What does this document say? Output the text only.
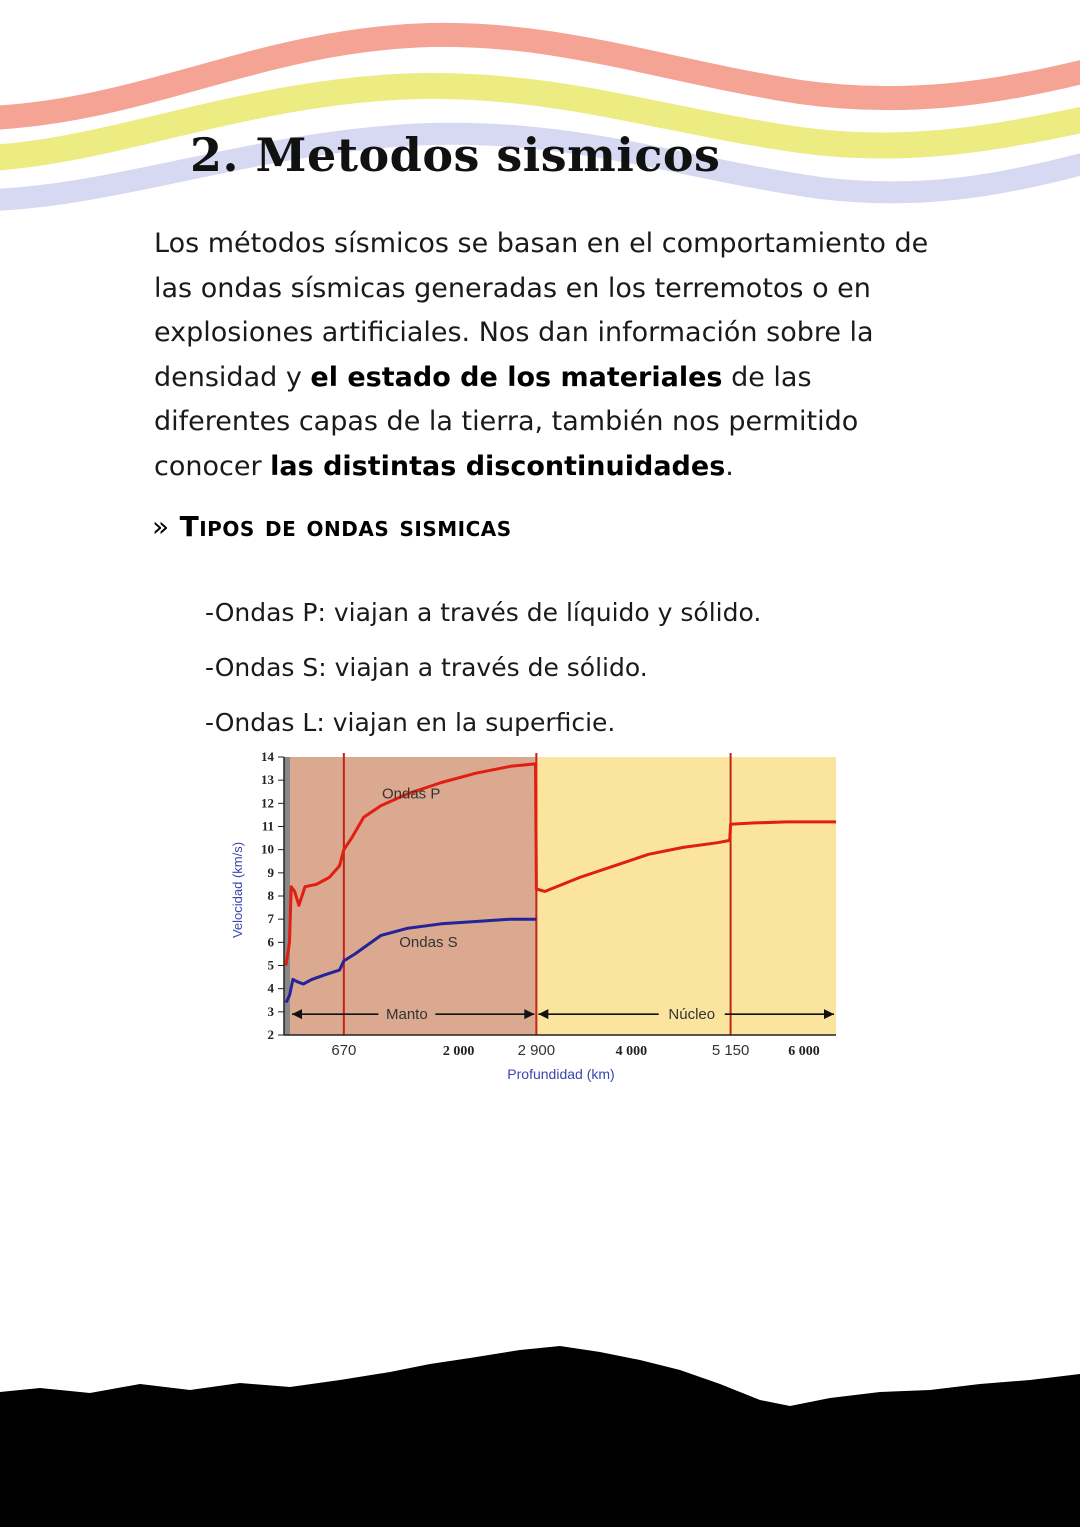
2. Metodos sismicos

Los métodos sísmicos se basan en el comportamiento de las ondas sísmicas generadas en los terremotos o en explosiones artificiales. Nos dan información sobre la densidad y el estado de los materiales de las diferentes capas de la tierra, también nos permitido conocer las distintas discontinuidades.

» Tipos de ondas sismicas
-Ondas P: viajan a través de líquido y sólido.
-Ondas S: viajan a través de sólido.
-Ondas L: viajan en la superficie.
2
3
4
5
6
7
8
9
10
11
12
13
14
670	2 000	2 900	4 000	5 150	6 000
Ondas P
Ondas S
Manto	Núcleo
Velocidad (km/s)
Profundidad (km)
